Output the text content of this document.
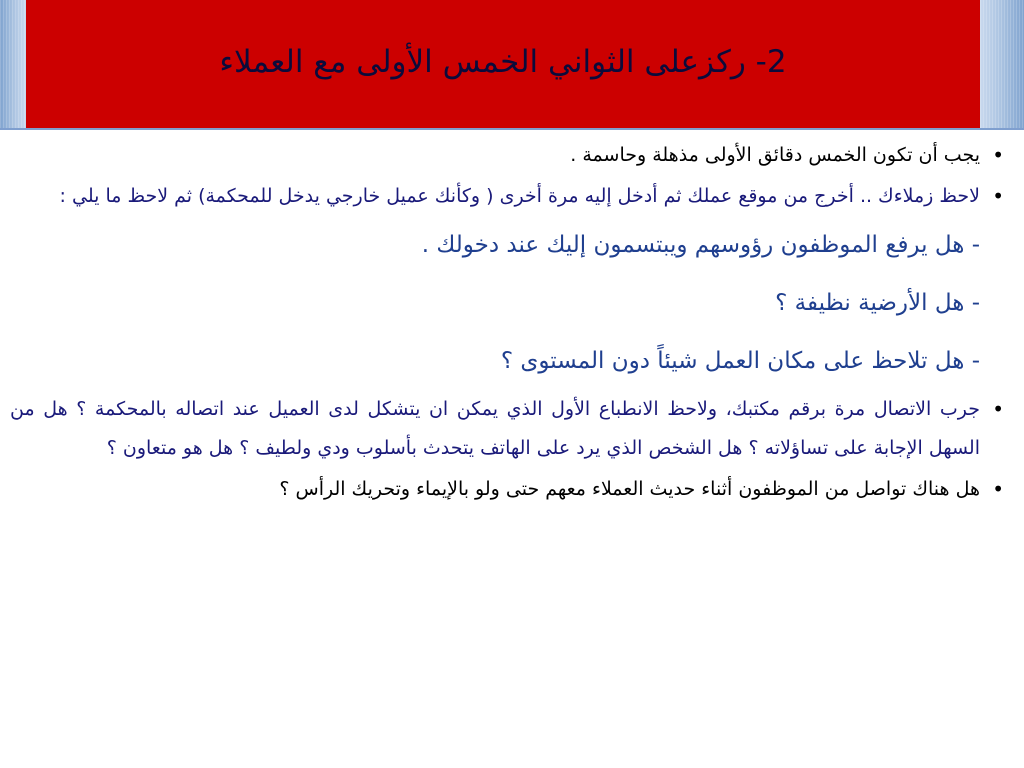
2- ركزعلى الثواني الخمس الأولى مع العملاء

•
يجب أن تكون الخمس دقائق الأولى مذهلة وحاسمة .

•
لاحظ زملاءك .. أخرج من موقع عملك ثم أدخل إليه مرة أخرى ( وكأنك عميل خارجي يدخل للمحكمة) ثم لاحظ ما يلي :

- هل يرفع الموظفون رؤوسهم ويبتسمون إليك عند دخولك .

- هل الأرضية نظيفة ؟

- هل تلاحظ على مكان العمل شيئاً دون المستوى ؟

•
جرب الاتصال مرة برقم مكتبك، ولاحظ الانطباع الأول الذي يمكن ان يتشكل لدى العميل عند اتصاله بالمحكمة ؟ هل من السهل الإجابة على تساؤلاته ؟ هل الشخص الذي يرد على الهاتف يتحدث بأسلوب ودي ولطيف ؟ هل هو متعاون ؟

•
هل هناك تواصل من الموظفون أثناء حديث العملاء معهم حتى ولو بالإيماء وتحريك الرأس ؟
